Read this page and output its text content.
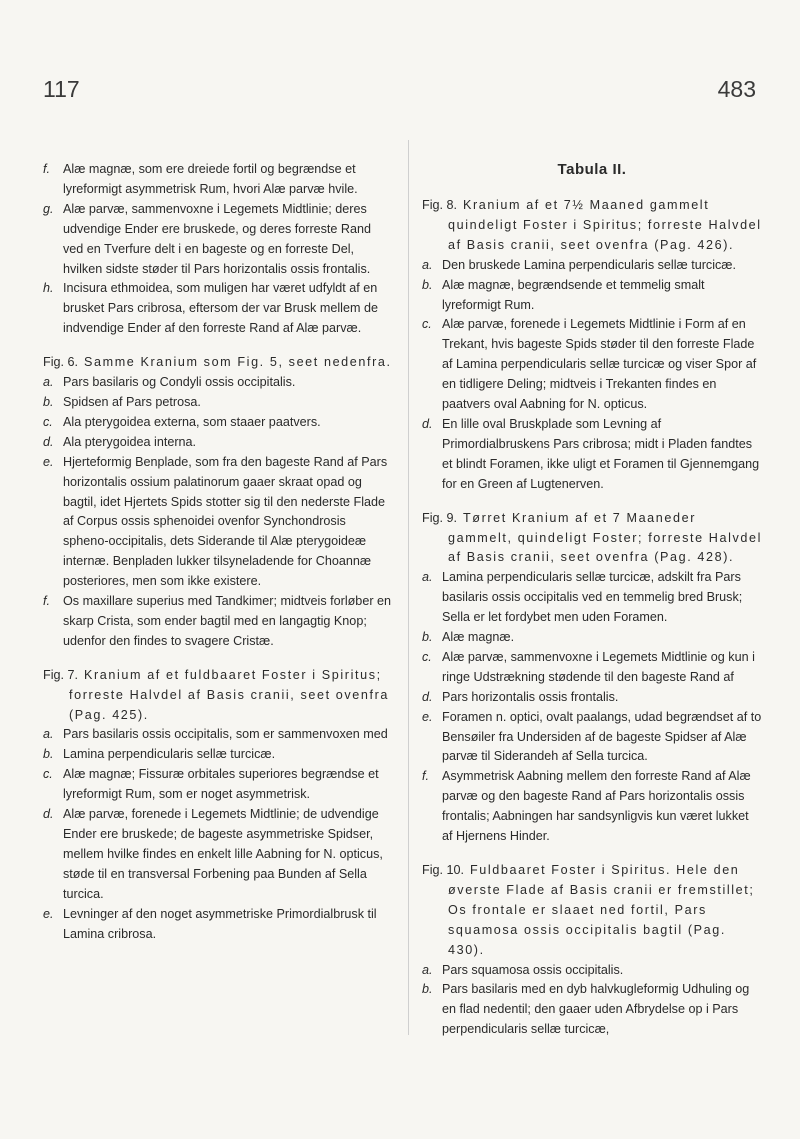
117	483
f. Alæ magnæ, som ere dreiede fortil og begrændse et lyreformigt asymmetrisk Rum, hvori Alæ parvæ hvile.
g. Alæ parvæ, sammenvoxne i Legemets Midtlinie; deres udvendige Ender ere bruskede, og deres forreste Rand ved en Tverfure delt i en bageste og en forreste Del, hvilken sidste støder til Pars horizontalis ossis frontalis.
h. Incisura ethmoidea, som muligen har været udfyldt af en brusket Pars cribrosa, eftersom der var Brusk mellem de indvendige Ender af den forreste Rand af Alæ parvæ.
Fig. 6. Samme Kranium som Fig. 5, seet nedenfra.
a. Pars basilaris og Condyli ossis occipitalis.
b. Spidsen af Pars petrosa.
c. Ala pterygoidea externa, som staaer paatvers.
d. Ala pterygoidea interna.
e. Hjerteformig Benplade, som fra den bageste Rand af Pars horizontalis ossium palatinorum gaaer skraat opad og bagtil, idet Hjertets Spids stotter sig til den nederste Flade af Corpus ossis sphenoidei ovenfor Synchondrosis spheno-occipitalis, dets Siderande til Alæ pterygoideæ internæ. Benpladen lukker tilsyneladende for Choannæ posteriores, men som ikke existere.
f. Os maxillare superius med Tandkimer; midtveis forløber en skarp Crista, som ender bagtil med en langagtig Knop; udenfor den findes to svagere Cristæ.
Fig. 7. Kranium af et fuldbaaret Foster i Spiritus; forreste Halvdel af Basis cranii, seet ovenfra (Pag. 425).
a. Pars basilaris ossis occipitalis, som er sammenvoxen med
b. Lamina perpendicularis sellæ turcicæ.
c. Alæ magnæ; Fissuræ orbitales superiores begrændse et lyreformigt Rum, som er noget asymmetrisk.
d. Alæ parvæ, forenede i Legemets Midtlinie; de udvendige Ender ere bruskede; de bageste asymmetriske Spidser, mellem hvilke findes en enkelt lille Aabning for N. opticus, støde til en transversal Forbening paa Bunden af Sella turcica.
e. Levninger af den noget asymmetriske Primordialbrusk til Lamina cribrosa.
Tabula II.
Fig. 8. Kranium af et 7½ Maaned gammelt quindeligt Foster i Spiritus; forreste Halvdel af Basis cranii, seet ovenfra (Pag. 426).
a. Den bruskede Lamina perpendicularis sellæ turcicæ.
b. Alæ magnæ, begrændsende et temmelig smalt lyreformigt Rum.
c. Alæ parvæ, forenede i Legemets Midtlinie i Form af en Trekant, hvis bageste Spids støder til den forreste Flade af Lamina perpendicularis sellæ turcicæ og viser Spor af en tidligere Deling; midtveis i Trekanten findes en paatvers oval Aabning for N. opticus.
d. En lille oval Bruskplade som Levning af Primordialbruskens Pars cribrosa; midt i Pladen fandtes et blindt Foramen, ikke uligt et Foramen til Gjennemgang for en Green af Lugtenerven.
Fig. 9. Tørret Kranium af et 7 Maaneder gammelt, quindeligt Foster; forreste Halvdel af Basis cranii, seet ovenfra (Pag. 428).
a. Lamina perpendicularis sellæ turcicæ, adskilt fra Pars basilaris ossis occipitalis ved en temmelig bred Brusk; Sella er let fordybet men uden Foramen.
b. Alæ magnæ.
c. Alæ parvæ, sammenvoxne i Legemets Midtlinie og kun i ringe Udstrækning stødende til den bageste Rand af
d. Pars horizontalis ossis frontalis.
e. Foramen n. optici, ovalt paalangs, udad begrændset af to Bensøiler fra Undersiden af de bageste Spidser af Alæ parvæ til Siderandeh af Sella turcica.
f. Asymmetrisk Aabning mellem den forreste Rand af Alæ parvæ og den bageste Rand af Pars horizontalis ossis frontalis; Aabningen har sandsynligvis kun været lukket af Hjernens Hinder.
Fig. 10. Fuldbaaret Foster i Spiritus. Hele den øverste Flade af Basis cranii er fremstillet; Os frontale er slaaet ned fortil, Pars squamosa ossis occipitalis bagtil (Pag. 430).
a. Pars squamosa ossis occipitalis.
b. Pars basilaris med en dyb halvkugleformig Udhuling og en flad nedentil; den gaaer uden Afbrydelse op i Pars perpendicularis sellæ turcicæ,
